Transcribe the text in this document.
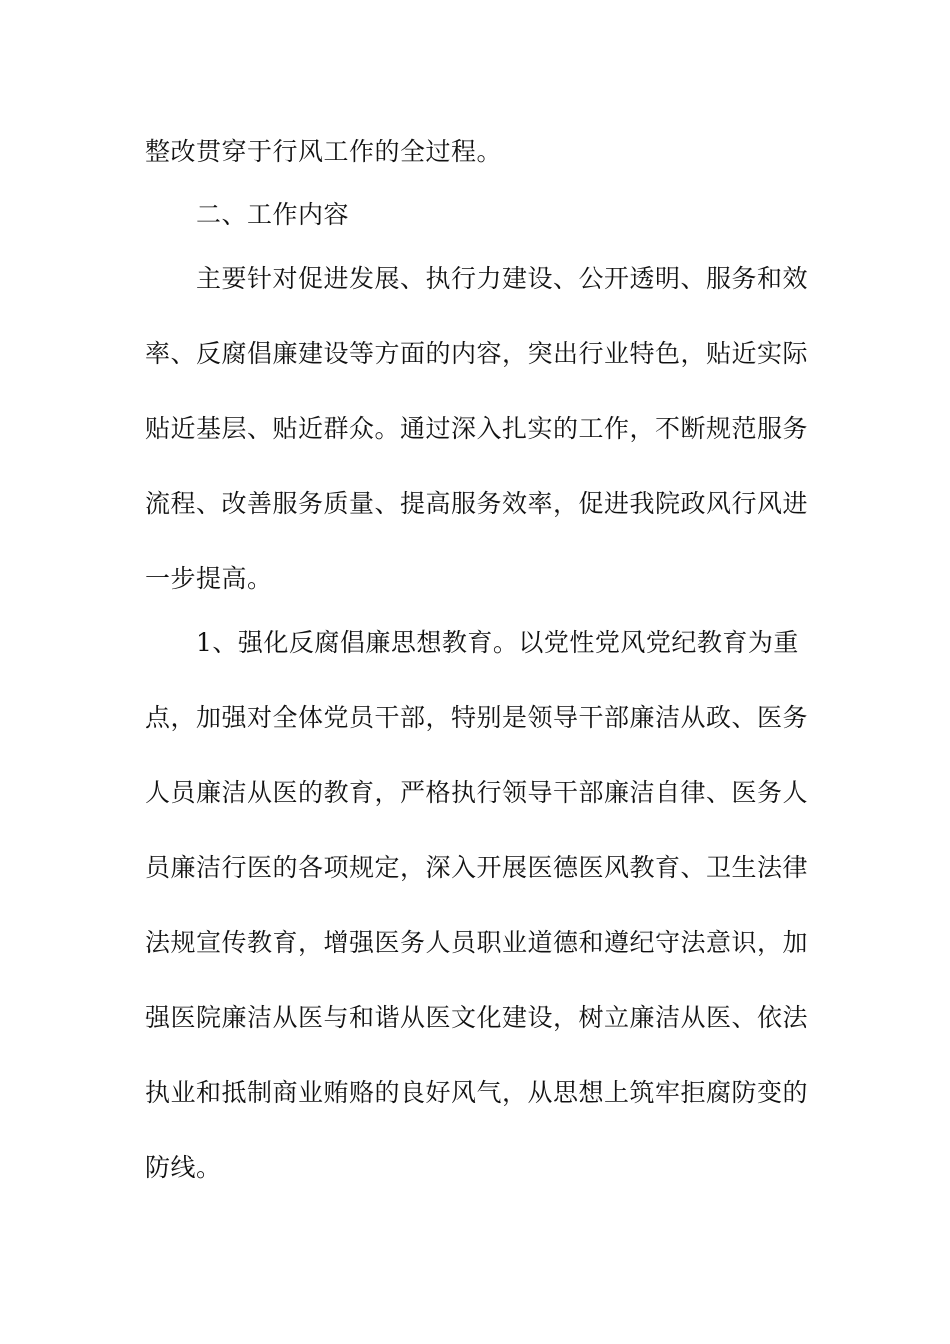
整改贯穿于行风工作的全过程。
二、工作内容
主要针对促进发展、执行力建设、公开透明、服务和效
率、反腐倡廉建设等方面的内容，突出行业特色，贴近实际
贴近基层、贴近群众。通过深入扎实的工作，不断规范服务
流程、改善服务质量、提高服务效率，促进我院政风行风进
一步提高。
1、强化反腐倡廉思想教育。以党性党风党纪教育为重
点，加强对全体党员干部，特别是领导干部廉洁从政、医务
人员廉洁从医的教育，严格执行领导干部廉洁自律、医务人
员廉洁行医的各项规定，深入开展医德医风教育、卫生法律
法规宣传教育，增强医务人员职业道德和遵纪守法意识，加
强医院廉洁从医与和谐从医文化建设，树立廉洁从医、依法
执业和抵制商业贿赂的良好风气，从思想上筑牢拒腐防变的
防线。
